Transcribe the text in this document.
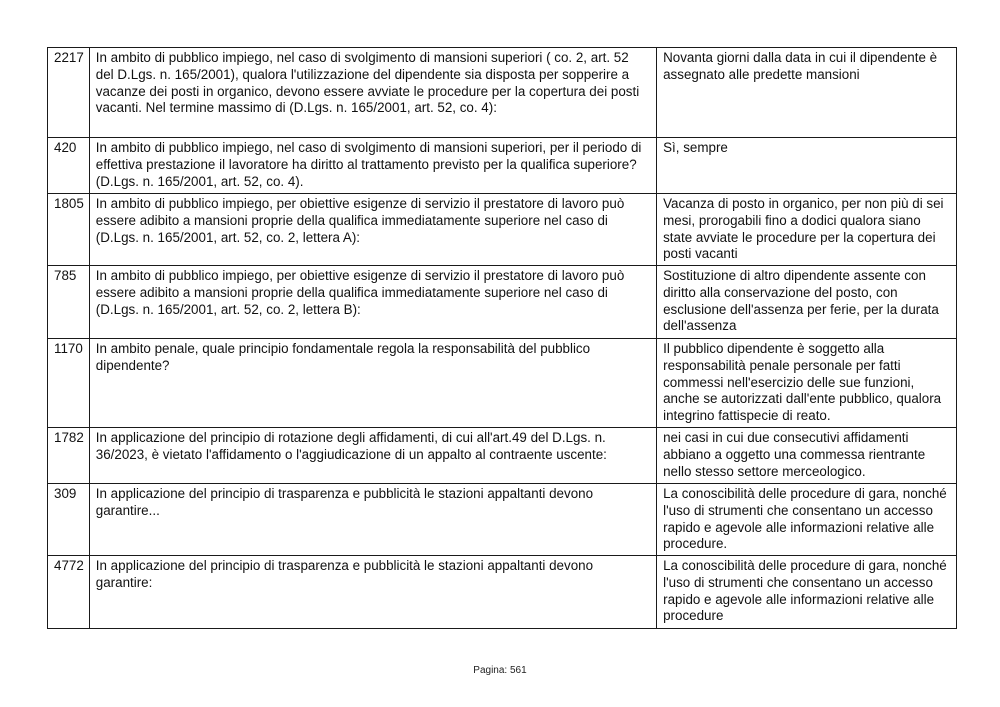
2217	In ambito di pubblico impiego, nel caso di svolgimento di mansioni superiori ( co. 2, art. 52 del D.Lgs. n. 165/2001), qualora l'utilizzazione del dipendente sia disposta per sopperire a vacanze dei posti in organico, devono essere avviate le procedure per la copertura dei posti vacanti. Nel termine massimo di (D.Lgs. n. 165/2001, art. 52, co. 4):	Novanta giorni dalla data in cui il dipendente è assegnato alle predette mansioni
420	In ambito di pubblico impiego, nel caso di svolgimento di mansioni superiori, per il periodo di effettiva prestazione il lavoratore ha diritto al trattamento previsto per la qualifica superiore? (D.Lgs. n. 165/2001, art. 52, co. 4).	Sì, sempre
1805	In ambito di pubblico impiego, per obiettive esigenze di servizio il prestatore di lavoro può essere adibito a mansioni proprie della qualifica immediatamente superiore nel caso di (D.Lgs. n. 165/2001, art. 52, co. 2, lettera A):	Vacanza di posto in organico, per non più di sei mesi, prorogabili fino a dodici qualora siano state avviate le procedure per la copertura dei posti vacanti
785	In ambito di pubblico impiego, per obiettive esigenze di servizio il prestatore di lavoro può essere adibito a mansioni proprie della qualifica immediatamente superiore nel caso di (D.Lgs. n. 165/2001, art. 52, co. 2, lettera B):	Sostituzione di altro dipendente assente con diritto alla conservazione del posto, con esclusione dell'assenza per ferie, per la durata dell'assenza
1170	In ambito penale, quale principio fondamentale regola la responsabilità del pubblico dipendente?	Il pubblico dipendente è soggetto alla responsabilità penale personale per fatti commessi nell'esercizio delle sue funzioni, anche se autorizzati dall'ente pubblico, qualora integrino fattispecie di reato.
1782	In applicazione del principio di rotazione degli affidamenti, di cui all'art.49 del D.Lgs. n. 36/2023, è vietato l'affidamento o l'aggiudicazione di un appalto al contraente uscente:	nei casi in cui due consecutivi affidamenti abbiano a oggetto una commessa rientrante nello stesso settore merceologico.
309	In applicazione del principio di trasparenza e pubblicità le stazioni appaltanti devono garantire...	La conoscibilità delle procedure di gara, nonché l'uso di strumenti che consentano un accesso rapido e agevole alle informazioni relative alle procedure.
4772	In applicazione del principio di trasparenza e pubblicità le stazioni appaltanti devono garantire:	La conoscibilità delle procedure di gara, nonché l'uso di strumenti che consentano un accesso rapido e agevole alle informazioni relative alle procedure
Pagina: 561
